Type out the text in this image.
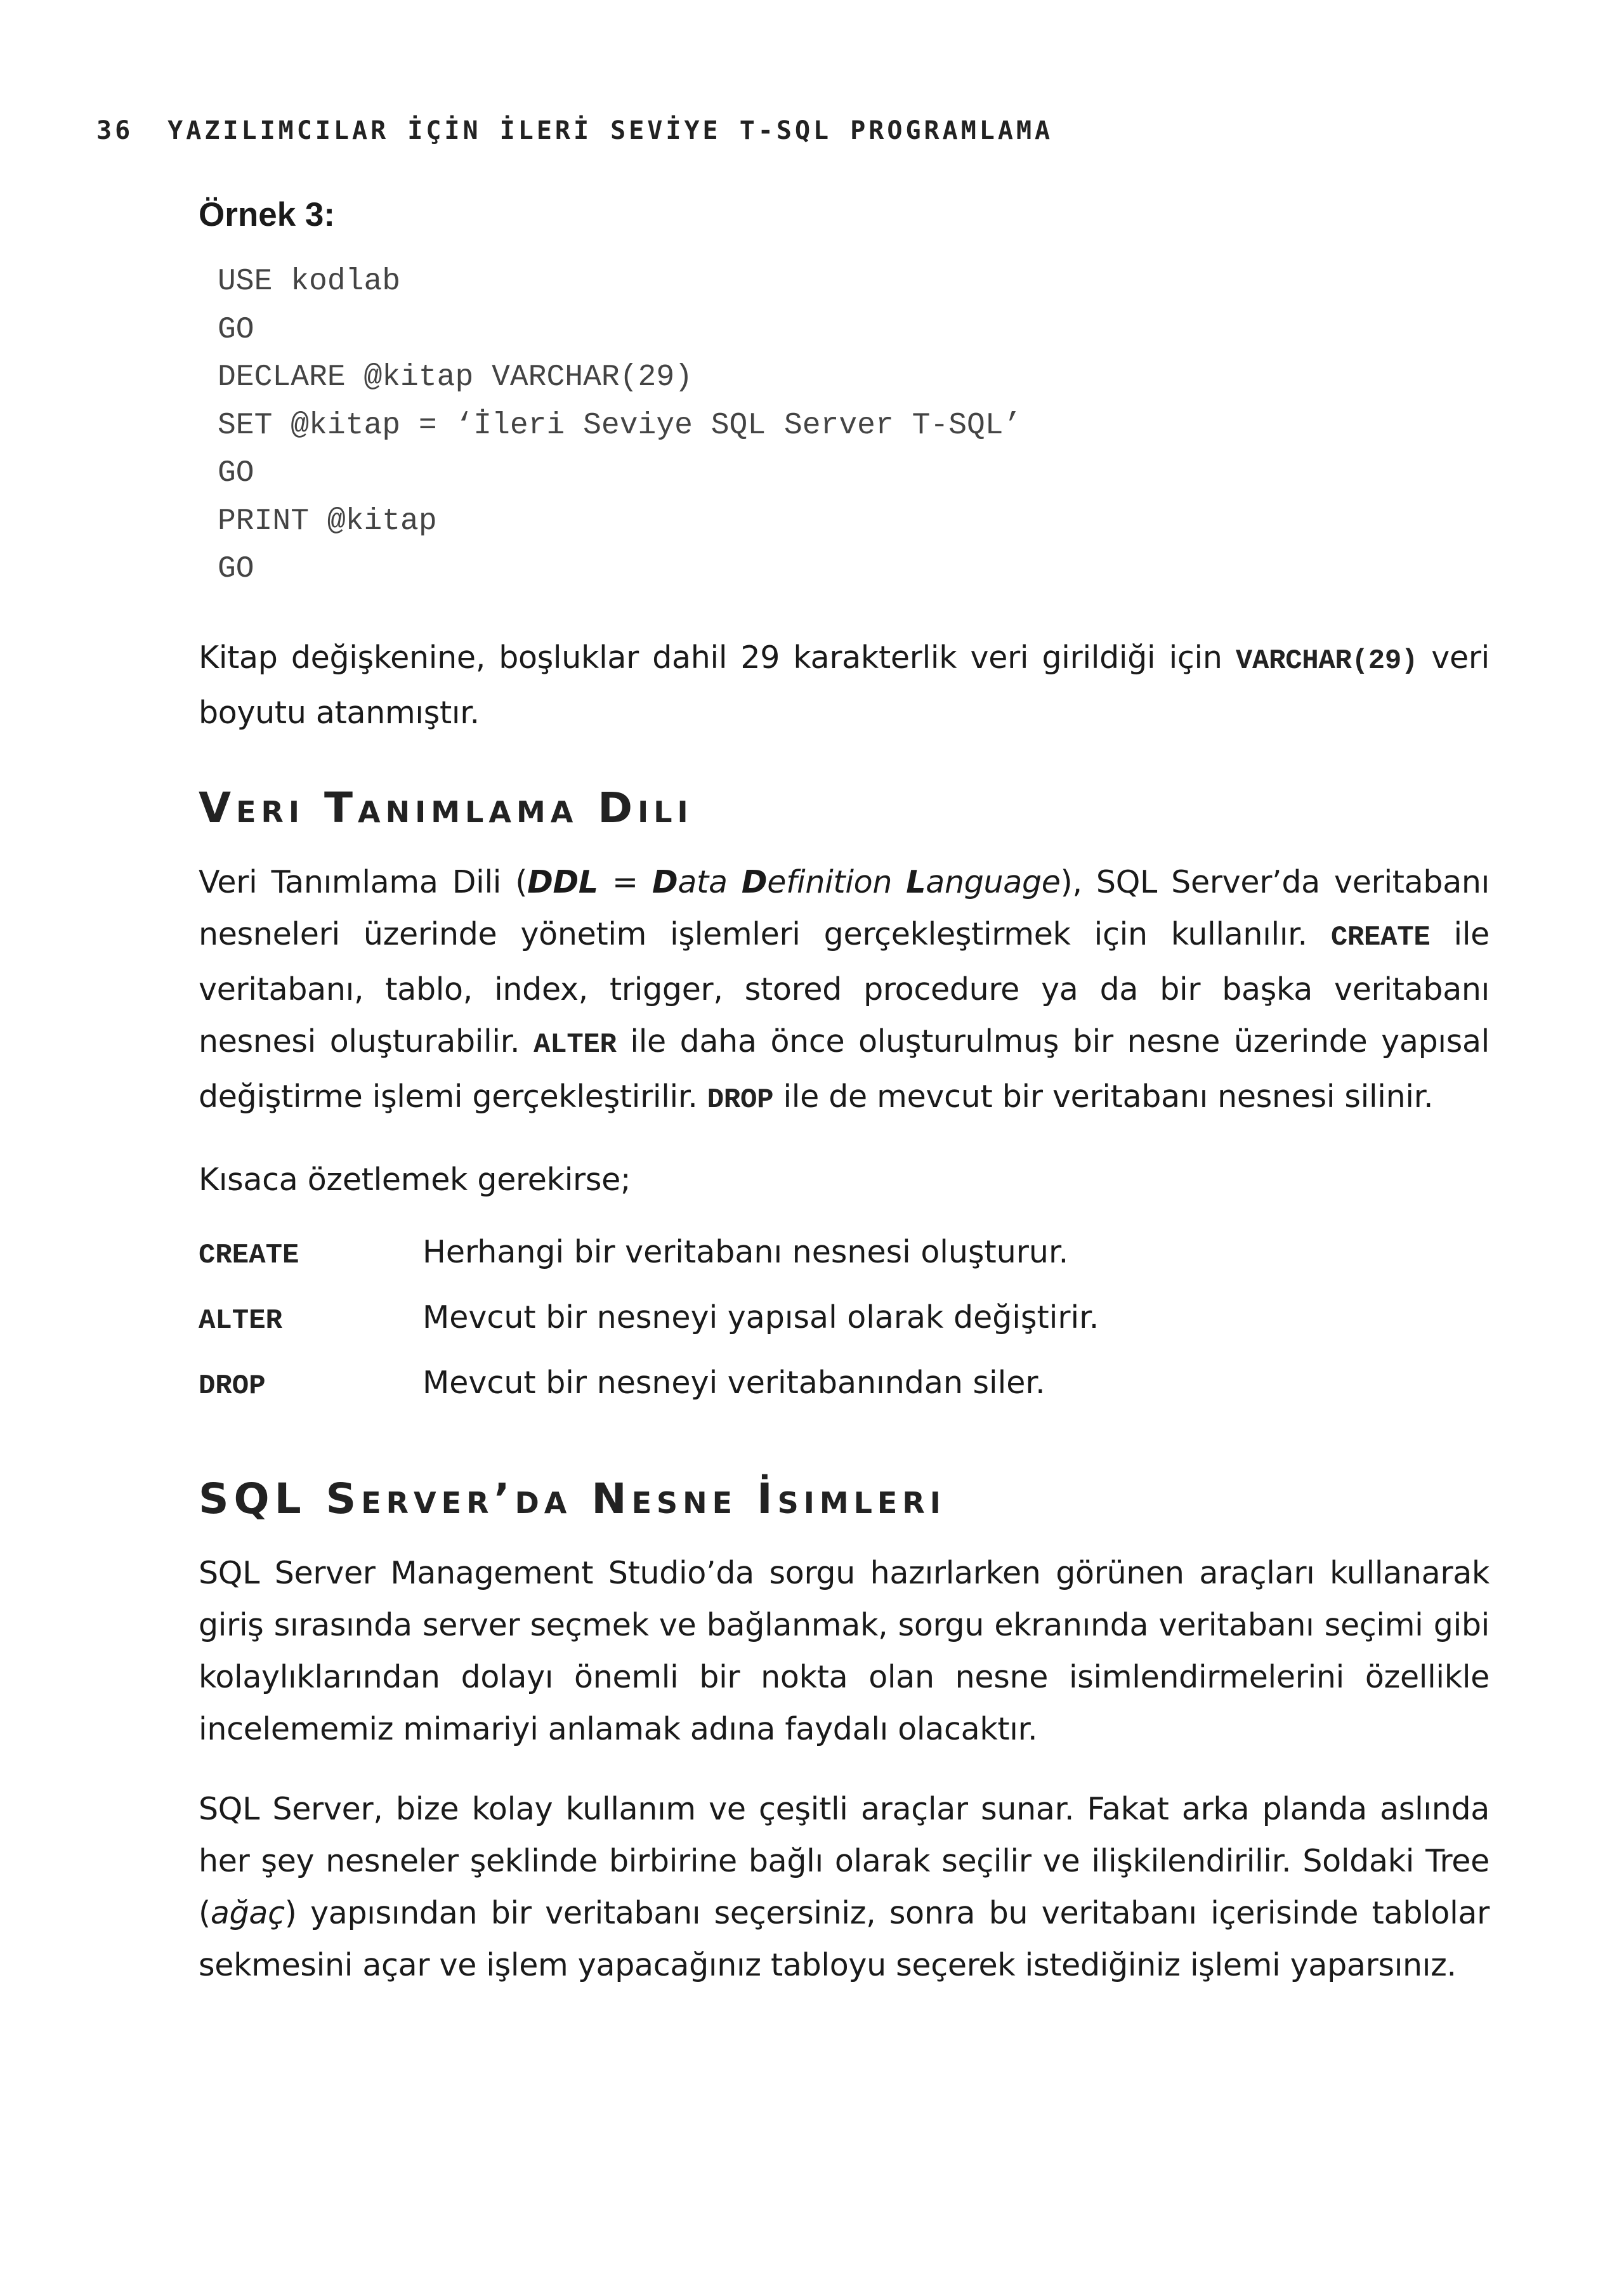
36 YAZILIMCILAR İÇİN İLERİ SEVİYE T-SQL PROGRAMLAMA
Örnek 3:
USE kodlab
GO
DECLARE @kitap VARCHAR(29)
SET @kitap = ‘İleri Seviye SQL Server T-SQL’
GO
PRINT @kitap
GO

Kitap değişkenine, boşluklar dahil 29 karakterlik veri girildiği için VARCHAR(29) veri boyutu atanmıştır.

Veri Tanımlama Dili

Veri Tanımlama Dili (DDL = Data Definition Language), SQL Server’da veritabanı nesneleri üzerinde yönetim işlemleri gerçekleştirmek için kullanılır. CREATE ile veritabanı, tablo, index, trigger, stored procedure ya da bir başka veritabanı nesnesi oluşturabilir. ALTER ile daha önce oluşturulmuş bir nesne üzerinde yapısal değiştirme işlemi gerçekleştirilir. DROP ile de mevcut bir veritabanı nesnesi silinir.

Kısaca özetlemek gerekirse;

CREATE	Herhangi bir veritabanı nesnesi oluşturur.
ALTER	Mevcut bir nesneyi yapısal olarak değiştirir.
DROP	Mevcut bir nesneyi veritabanından siler.
SQL Server’da Nesne İsimleri

SQL Server Management Studio’da sorgu hazırlarken görünen araçları kullanarak giriş sırasında server seçmek ve bağlanmak, sorgu ekranında veritabanı seçimi gibi kolaylıklarından dolayı önemli bir nokta olan nesne isimlendirmelerini özellikle incelememiz mimariyi anlamak adına faydalı olacaktır.

SQL Server, bize kolay kullanım ve çeşitli araçlar sunar. Fakat arka planda aslında her şey nesneler şeklinde birbirine bağlı olarak seçilir ve ilişkilendirilir. Soldaki Tree (ağaç) yapısından bir veritabanı seçersiniz, sonra bu veritabanı içerisinde tablolar sekmesini açar ve işlem yapacağınız tabloyu seçerek istediğiniz işlemi yaparsınız.
